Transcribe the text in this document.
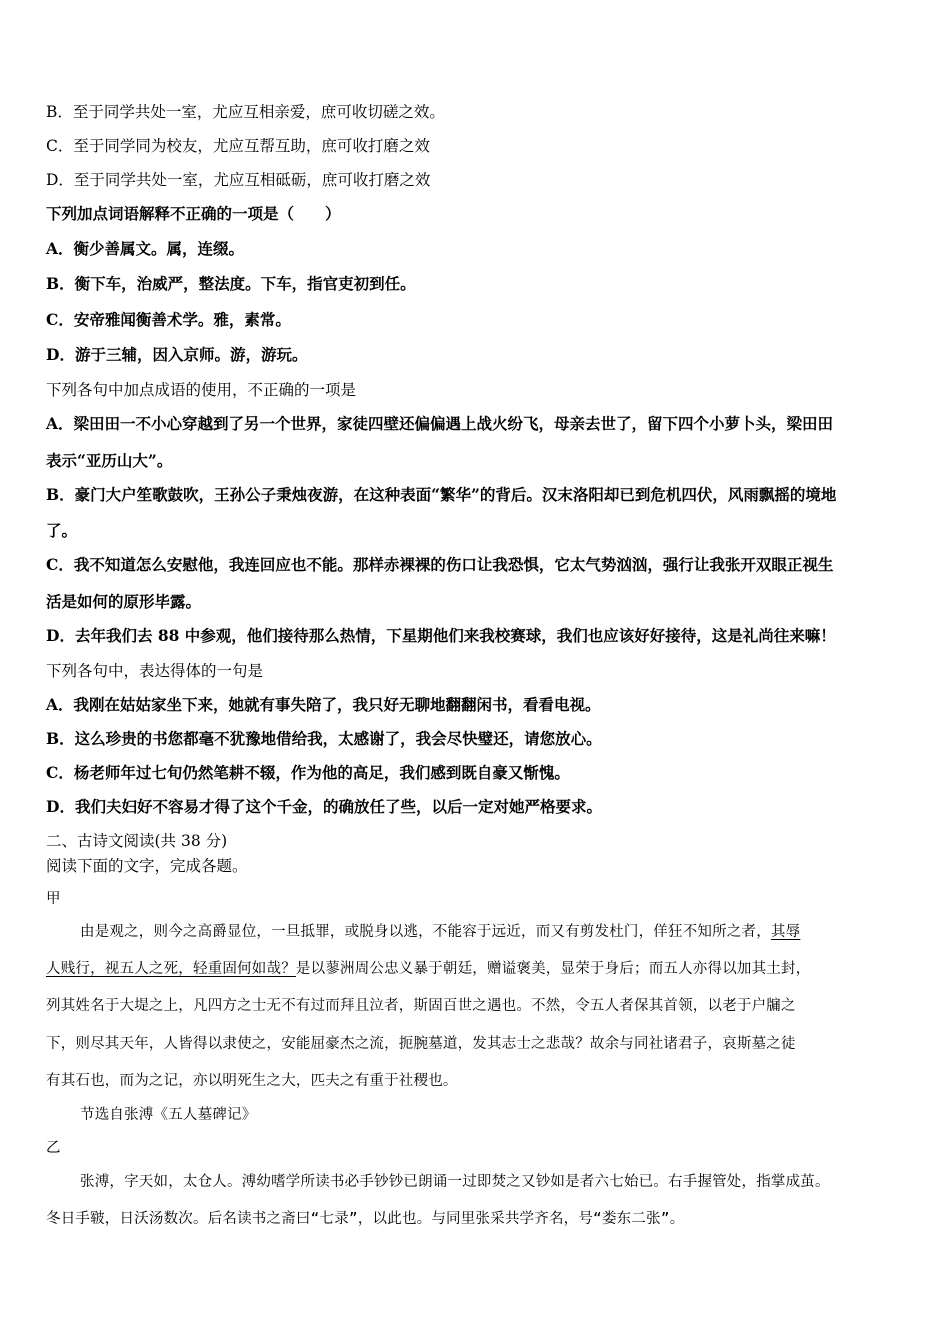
B．至于同学共处一室，尤应互相亲爱，庶可收切磋之效。
C．至于同学同为校友，尤应互帮互助，庶可收打磨之效
D．至于同学共处一室，尤应互相砥砺，庶可收打磨之效
下列加点词语解释不正确的一项是（　　）
A．衡少善属文。属，连缀。
B．衡下车，治威严，整法度。下车，指官吏初到任。
C．安帝雅闻衡善术学。雅，素常。
D．游于三辅，因入京师。游，游玩。
下列各句中加点成语的使用，不正确的一项是
A．梁田田一不小心穿越到了另一个世界，家徒四壁还偏偏遇上战火纷飞，母亲去世了，留下四个小萝卜头，梁田田
表示“亚历山大”。
B．豪门大户笙歌鼓吹，王孙公子秉烛夜游，在这种表面“繁华”的背后。汉末洛阳却已到危机四伏，风雨飘摇的境地
了。
C．我不知道怎么安慰他，我连回应也不能。那样赤裸裸的伤口让我恐惧，它太气势汹汹，强行让我张开双眼正视生
活是如何的原形毕露。
D．去年我们去 88 中参观，他们接待那么热情，下星期他们来我校赛球，我们也应该好好接待，这是礼尚往来嘛！
下列各句中，表达得体的一句是
A．我刚在姑姑家坐下来，她就有事失陪了，我只好无聊地翻翻闲书，看看电视。
B．这么珍贵的书您都毫不犹豫地借给我，太感谢了，我会尽快璧还，请您放心。
C．杨老师年过七旬仍然笔耕不辍，作为他的高足，我们感到既自豪又惭愧。
D．我们夫妇好不容易才得了这个千金，的确放任了些，以后一定对她严格要求。
二、古诗文阅读(共 38 分)
阅读下面的文字，完成各题。
甲
由是观之，则今之高爵显位，一旦抵罪，或脱身以逃，不能容于远近，而又有剪发杜门，佯狂不知所之者，其辱
人贱行，视五人之死，轻重固何如哉？是以蓼洲周公忠义暴于朝廷，赠谥褒美，显荣于身后；而五人亦得以加其土封，
列其姓名于大堤之上，凡四方之士无不有过而拜且泣者，斯固百世之遇也。不然，令五人者保其首领，以老于户牖之
下，则尽其天年，人皆得以隶使之，安能屈豪杰之流，扼腕墓道，发其志士之悲哉？故余与同社诸君子，哀斯墓之徒
有其石也，而为之记，亦以明死生之大，匹夫之有重于社稷也。
节选自张溥《五人墓碑记》
乙
张溥，字天如，太仓人。溥幼嗜学所读书必手钞钞已朗诵一过即焚之又钞如是者六七始已。右手握管处，指掌成茧。
冬日手皲，日沃汤数次。后名读书之斋曰“七录”，以此也。与同里张采共学齐名，号“娄东二张”。
